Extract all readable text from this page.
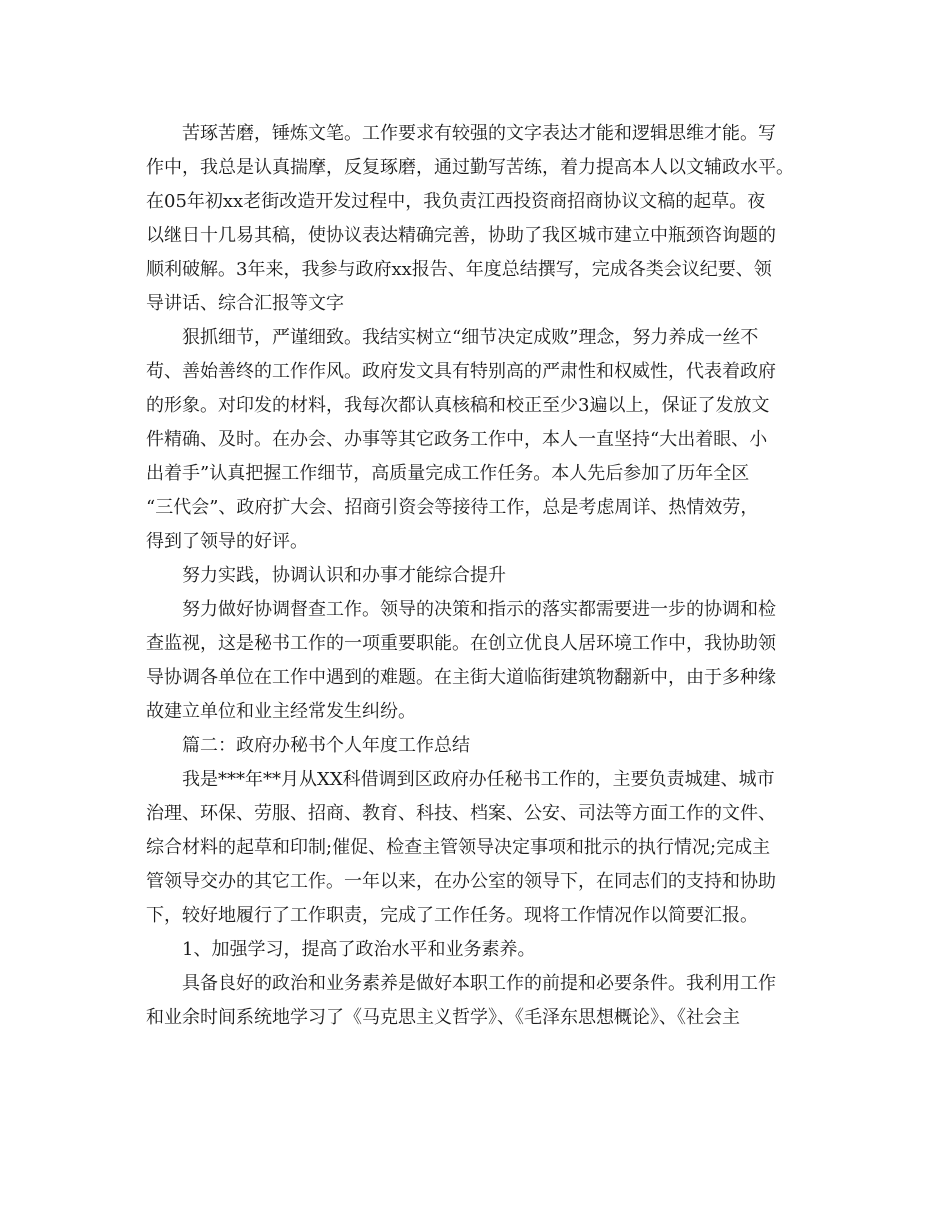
苦琢苦磨，锤炼文笔。工作要求有较强的文字表达才能和逻辑思维才能。写
作中，我总是认真揣摩，反复琢磨，通过勤写苦练，着力提高本人以文辅政水平。
在05年初xx老街改造开发过程中，我负责江西投资商招商协议文稿的起草。夜
以继日十几易其稿，使协议表达精确完善，协助了我区城市建立中瓶颈咨询题的
顺利破解。3年来，我参与政府xx报告、年度总结撰写，完成各类会议纪要、领
导讲话、综合汇报等文字
狠抓细节，严谨细致。我结实树立“细节决定成败”理念，努力养成一丝不
苟、善始善终的工作作风。政府发文具有特别高的严肃性和权威性，代表着政府
的形象。对印发的材料，我每次都认真核稿和校正至少3遍以上，保证了发放文
件精确、及时。在办会、办事等其它政务工作中，本人一直坚持“大出着眼、小
出着手”认真把握工作细节，高质量完成工作任务。本人先后参加了历年全区
“三代会”、政府扩大会、招商引资会等接待工作，总是考虑周详、热情效劳，
得到了领导的好评。
努力实践，协调认识和办事才能综合提升
努力做好协调督查工作。领导的决策和指示的落实都需要进一步的协调和检
查监视，这是秘书工作的一项重要职能。在创立优良人居环境工作中，我协助领
导协调各单位在工作中遇到的难题。在主街大道临街建筑物翻新中，由于多种缘
故建立单位和业主经常发生纠纷。
篇二：政府办秘书个人年度工作总结
我是***年**月从XX科借调到区政府办任秘书工作的，主要负责城建、城市
治理、环保、劳服、招商、教育、科技、档案、公安、司法等方面工作的文件、
综合材料的起草和印制;催促、检查主管领导决定事项和批示的执行情况;完成主
管领导交办的其它工作。一年以来，在办公室的领导下，在同志们的支持和协助
下，较好地履行了工作职责，完成了工作任务。现将工作情况作以简要汇报。
1、加强学习，提高了政治水平和业务素养。
具备良好的政治和业务素养是做好本职工作的前提和必要条件。我利用工作
和业余时间系统地学习了《马克思主义哲学》、《毛泽东思想概论》、《社会主
